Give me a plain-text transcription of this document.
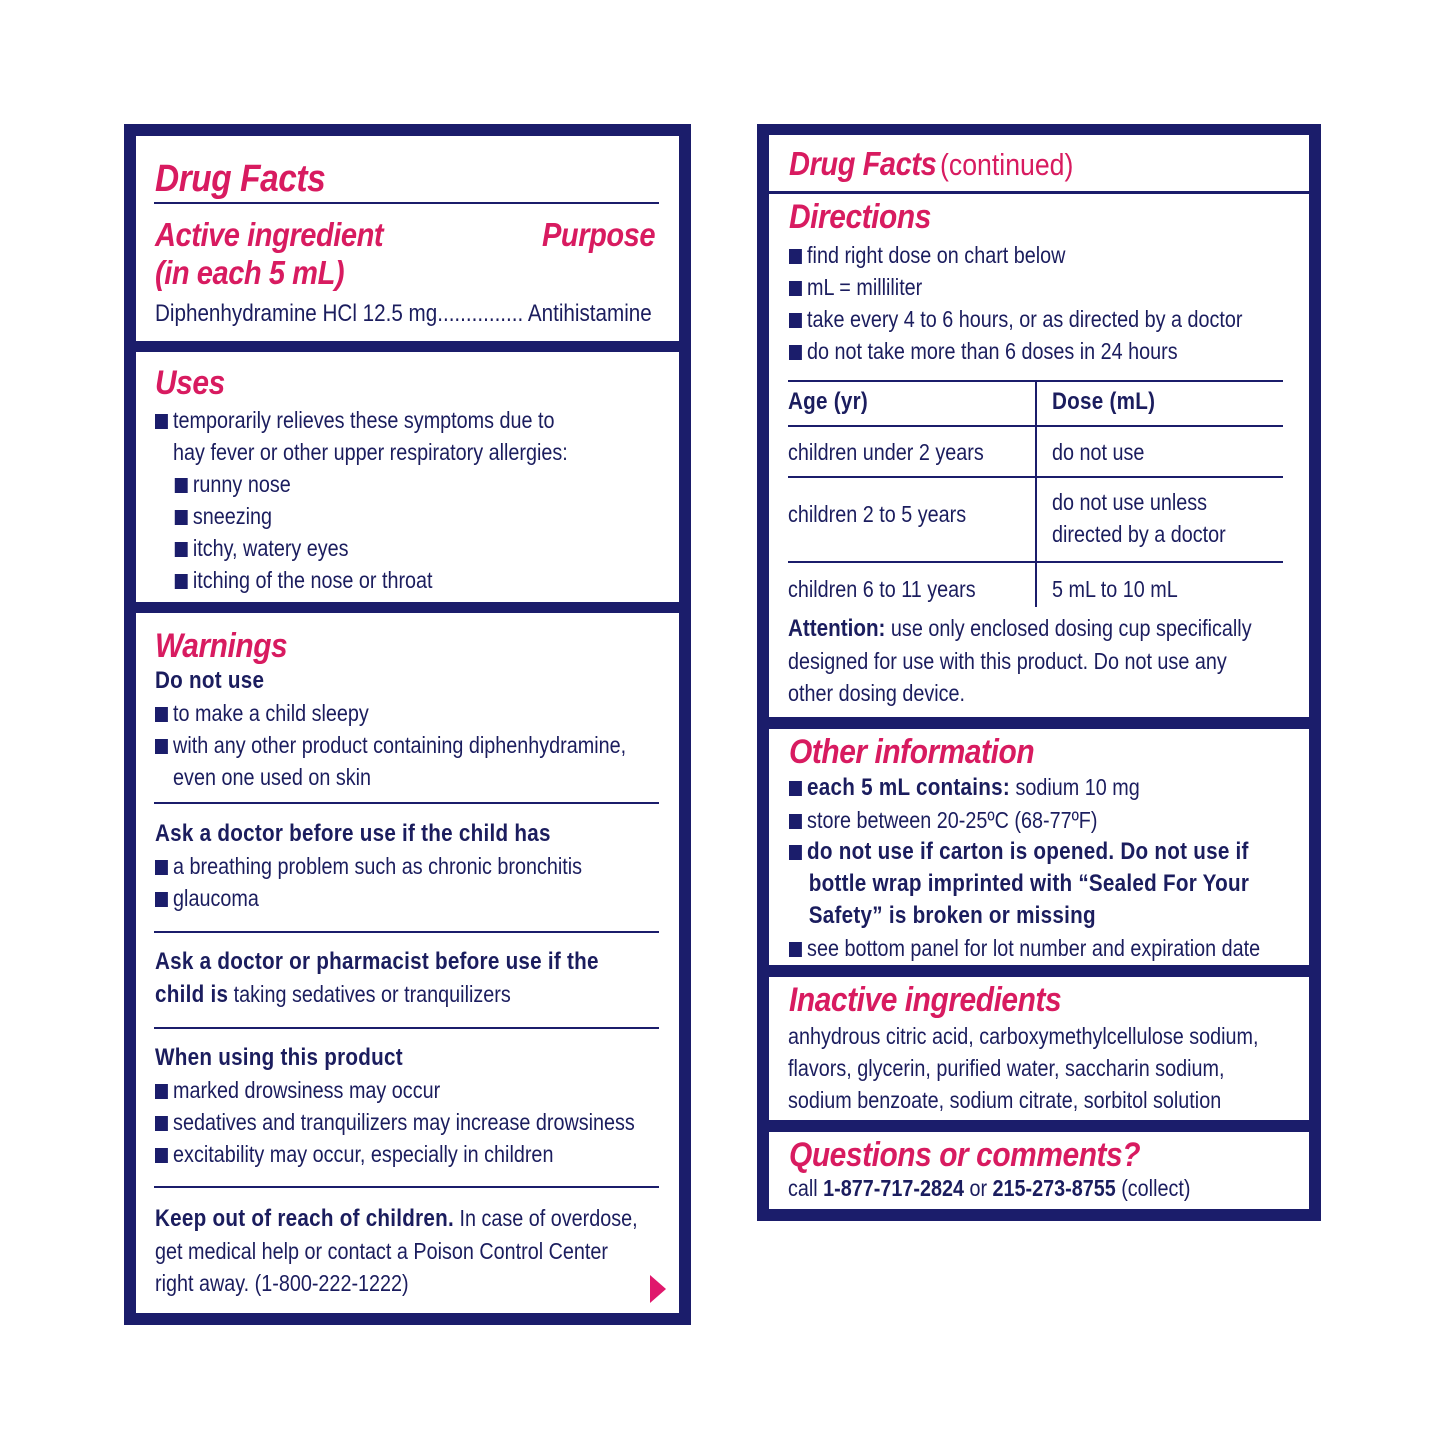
Drug Facts
Active ingredient
(in each 5 mL)
Purpose
Diphenhydramine HCl 12.5 mg............... Antihistamine
Uses
temporarily relieves these symptoms due to
hay fever or other upper respiratory allergies:
runny nose
sneezing
itchy, watery eyes
itching of the nose or throat
Warnings
Do not use
to make a child sleepy
with any other product containing diphenhydramine,
even one used on skin
Ask a doctor before use if the child has
a breathing problem such as chronic bronchitis
glaucoma
Ask a doctor or pharmacist before use if the
child is taking sedatives or tranquilizers
When using this product
marked drowsiness may occur
sedatives and tranquilizers may increase drowsiness
excitability may occur, especially in children
Keep out of reach of children. In case of overdose,
get medical help or contact a Poison Control Center
right away. (1-800-222-1222)
Drug Facts(continued)
Directions
find right dose on chart below
mL = milliliter
take every 4 to 6 hours, or as directed by a doctor
do not take more than 6 doses in 24 hours
Age (yr)	Dose (mL)
children under 2 years	do not use
children 2 to 5 years	do not use unless
directed by a doctor
children 6 to 11 years	5 mL to 10 mL
Attention: use only enclosed dosing cup specifically
designed for use with this product. Do not use any
other dosing device.
Other information
each 5 mL contains: sodium 10 mg
store between 20-25ºC (68-77ºF)
do not use if carton is opened. Do not use if
bottle wrap imprinted with “Sealed For Your
Safety” is broken or missing
see bottom panel for lot number and expiration date
Inactive ingredients
anhydrous citric acid, carboxymethylcellulose sodium,
flavors, glycerin, purified water, saccharin sodium,
sodium benzoate, sodium citrate, sorbitol solution
Questions or comments?
call 1-877-717-2824 or 215-273-8755 (collect)
